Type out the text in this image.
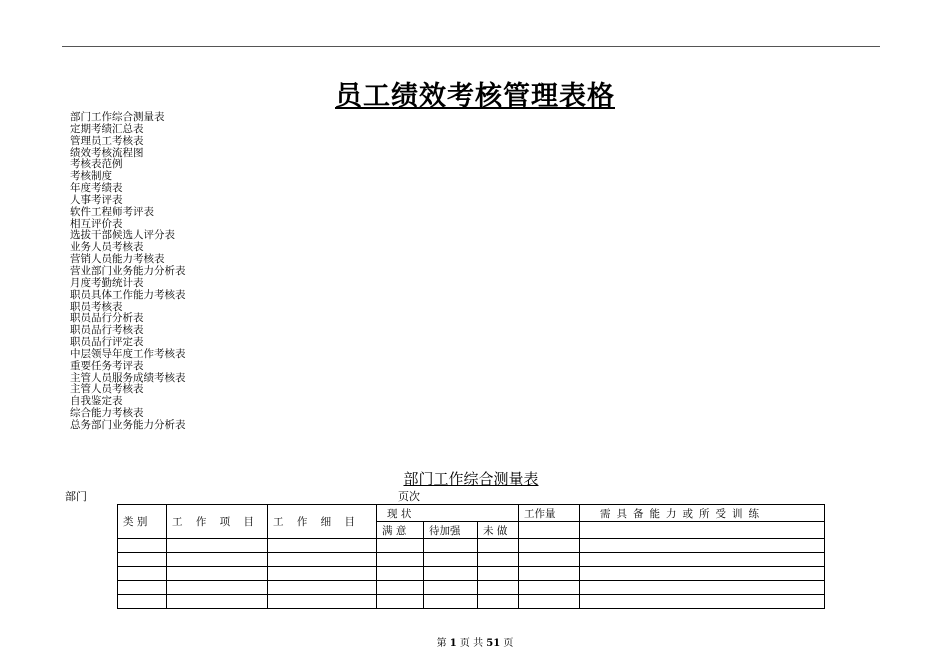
员工绩效考核管理表格
部门工作综合测量表
定期考绩汇总表
管理员工考核表
绩效考核流程图
考核表范例
考核制度
年度考绩表
人事考评表
软件工程师考评表
相互评价表
选拔干部候选人评分表
业务人员考核表
营销人员能力考核表
营业部门业务能力分析表
月度考勤统计表
职员具体工作能力考核表
职员考核表
职员品行分析表
职员品行考核表
职员品行评定表
中层领导年度工作考核表
重要任务考评表
主管人员服务成绩考核表
主管人员考核表
自我鉴定表
综合能力考核表
总务部门业务能力分析表
部门工作综合测量表
部门	页次
类 别	工 作 项 目	工 作 细 目	现 状			工作量	需具备能力或所受训练
			满 意	待加强	未 做		

第 1 页 共 51 页
